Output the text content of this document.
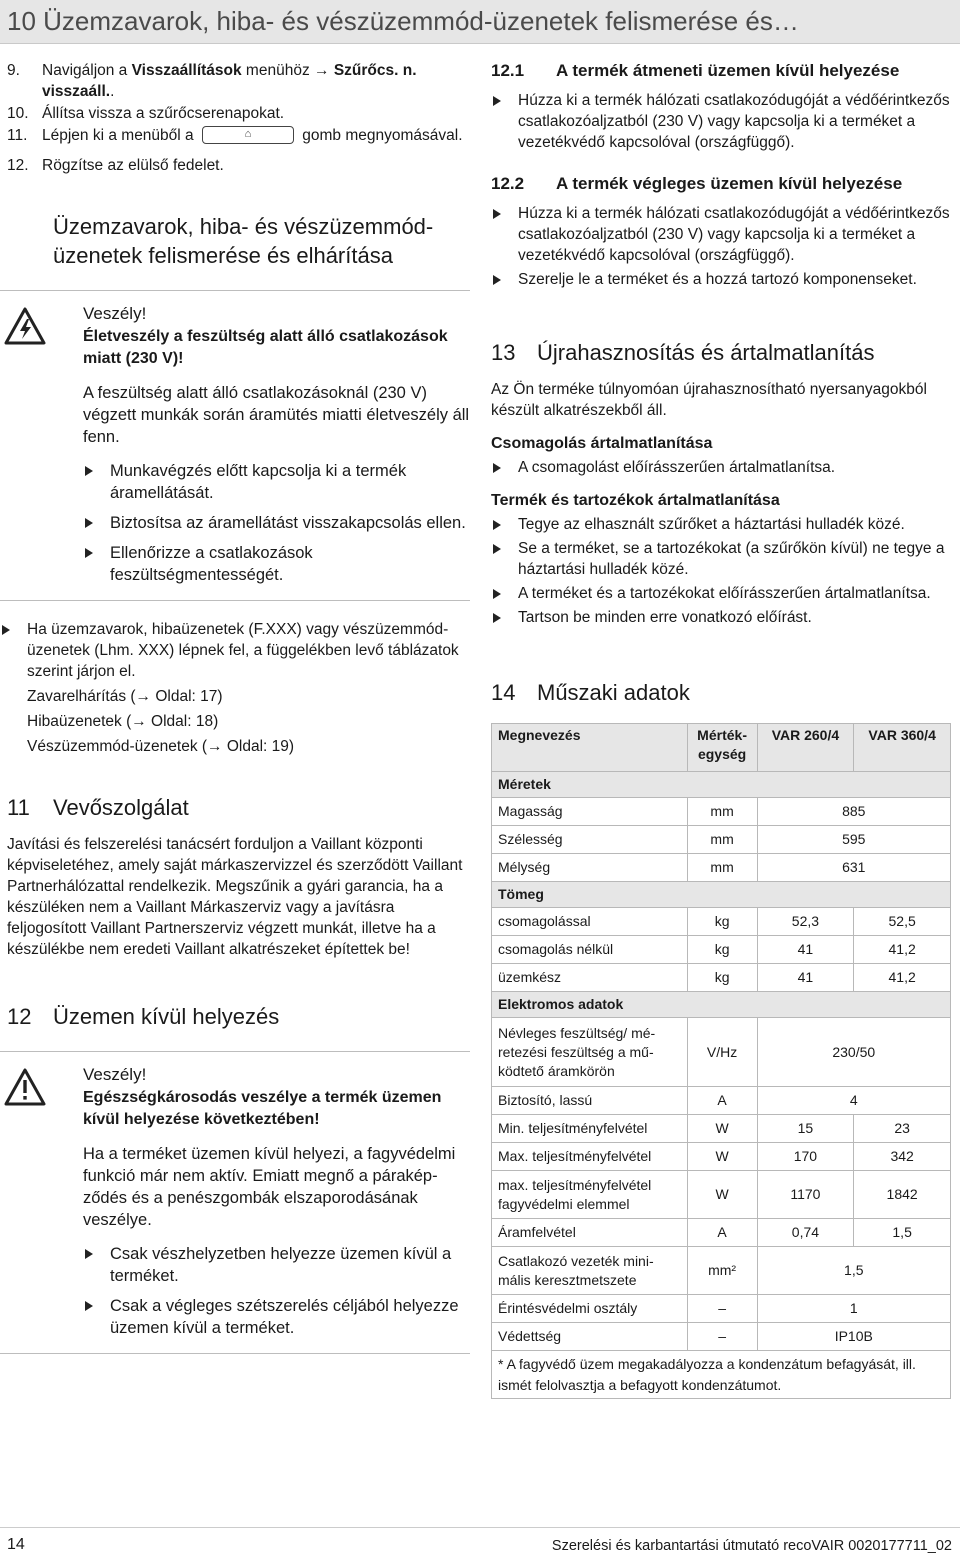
10 Üzemzavarok, hiba- és vészüzemmód-üzenetek felismerése és…
9. Navigáljon a Visszaállítások menühöz → Szűrőcs. n. visszaáll..
10. Állítsa vissza a szűrőcserenapokat.
11. Lépjen ki a menüből a	⌂	gomb megnyomásával.
12. Rögzítse az elülső fedelet.
Üzemzavarok, hiba- és vészüzemmód-üzenetek felismerése és elhárítása
Veszély!
Életveszély a feszültség alatt álló csatlakozások miatt (230 V)!
A feszültség alatt álló csatlakozásoknál (230 V) végzett munkák során áramütés miatti életveszély áll fenn.
Munkavégzés előtt kapcsolja ki a termék áramellátását.
Biztosítsa az áramellátást visszakapcsolás ellen.
Ellenőrizze a csatlakozások feszültségmentességét.
Ha üzemzavarok, hibaüzenetek (F.XXX) vagy vészüzemmód-üzenetek (Lhm. XXX) lépnek fel, a függelékben levő táblázatok szerint járjon el.
Zavarelhárítás (→ Oldal: 17)
Hibaüzenetek (→ Oldal: 18)
Vészüzemmód-üzenetek (→ Oldal: 19)
11 Vevőszolgálat
Javítási és felszerelési tanácsért forduljon a Vaillant központi képviseletéhez, amely saját márkaszervizzel és szerződött Vaillant Partnerhálózattal rendelkezik. Megszűnik a gyári garancia, ha a készüléken nem a Vaillant Márkaszerviz vagy a javításra feljogosított Vaillant Partnerszerviz végzett munkát, illetve ha a készülékbe nem eredeti Vaillant alkatrészeket építettek be!
12 Üzemen kívül helyezés
Veszély!
Egészségkárosodás veszélye a termék üzemen kívül helyezése következtében!
Ha a terméket üzemen kívül helyezi, a fagyvédelmi funkció már nem aktív. Emiatt megnő a páraképződés és a penészgombák elszaporodásának veszélye.
Csak vészhelyzetben helyezze üzemen kívül a terméket.
Csak a végleges szétszerelés céljából helyezze üzemen kívül a terméket.
12.1 A termék átmeneti üzemen kívül helyezése
Húzza ki a termék hálózati csatlakozódugóját a védőérintkezős csatlakozóaljzatból (230 V) vagy kapcsolja ki a terméket a vezetékvédő kapcsolóval (országfüggő).
12.2 A termék végleges üzemen kívül helyezése
Húzza ki a termék hálózati csatlakozódugóját a védőérintkezős csatlakozóaljzatból (230 V) vagy kapcsolja ki a terméket a vezetékvédő kapcsolóval (országfüggő).
Szerelje le a terméket és a hozzá tartozó komponenseket.
13 Újrahasznosítás és ártalmatlanítás
Az Ön terméke túlnyomóan újrahasznosítható nyersanyagokból készült alkatrészekből áll.
Csomagolás ártalmatlanítása
A csomagolást előírásszerűen ártalmatlanítsa.
Termék és tartozékok ártalmatlanítása
Tegye az elhasznált szűrőket a háztartási hulladék közé.
Se a terméket, se a tartozékokat (a szűrőkön kívül) ne tegye a háztartási hulladék közé.
A terméket és a tartozékokat előírásszerűen ártalmatlanítsa.
Tartson be minden erre vonatkozó előírást.
14 Műszaki adatok
Megnevezés	Mértékegység	VAR 260/4	VAR 360/4
Méretek			
Magasság	mm	885	
Szélesség	mm	595	
Mélység	mm	631	
Tömeg			
csomagolással	kg	52,3	52,5
csomagolás nélkül	kg	41	41,2
üzemkész	kg	41	41,2
Elektromos adatok			
Névleges feszültség/ méretezési feszültség a működtető áramkörön	V/Hz	230/50	
Biztosító, lassú	A	4	
Min. teljesítményfelvétel	W	15	23
Max. teljesítményfelvétel	W	170	342
max. teljesítményfelvétel fagyvédelmi elemmel	W	1170	1842
Áramfelvétel	A	0,74	1,5
Csatlakozó vezeték minimális keresztmetszete	mm²	1,5	
Érintésvédelmi osztály	–	1	
Védettség	–	IP10B	
* A fagyvédő üzem megakadályozza a kondenzátum befagyását, ill. ismét felolvasztja a befagyott kondenzátumot.			
14	Szerelési és karbantartási útmutató recoVAIR 0020177711_02
